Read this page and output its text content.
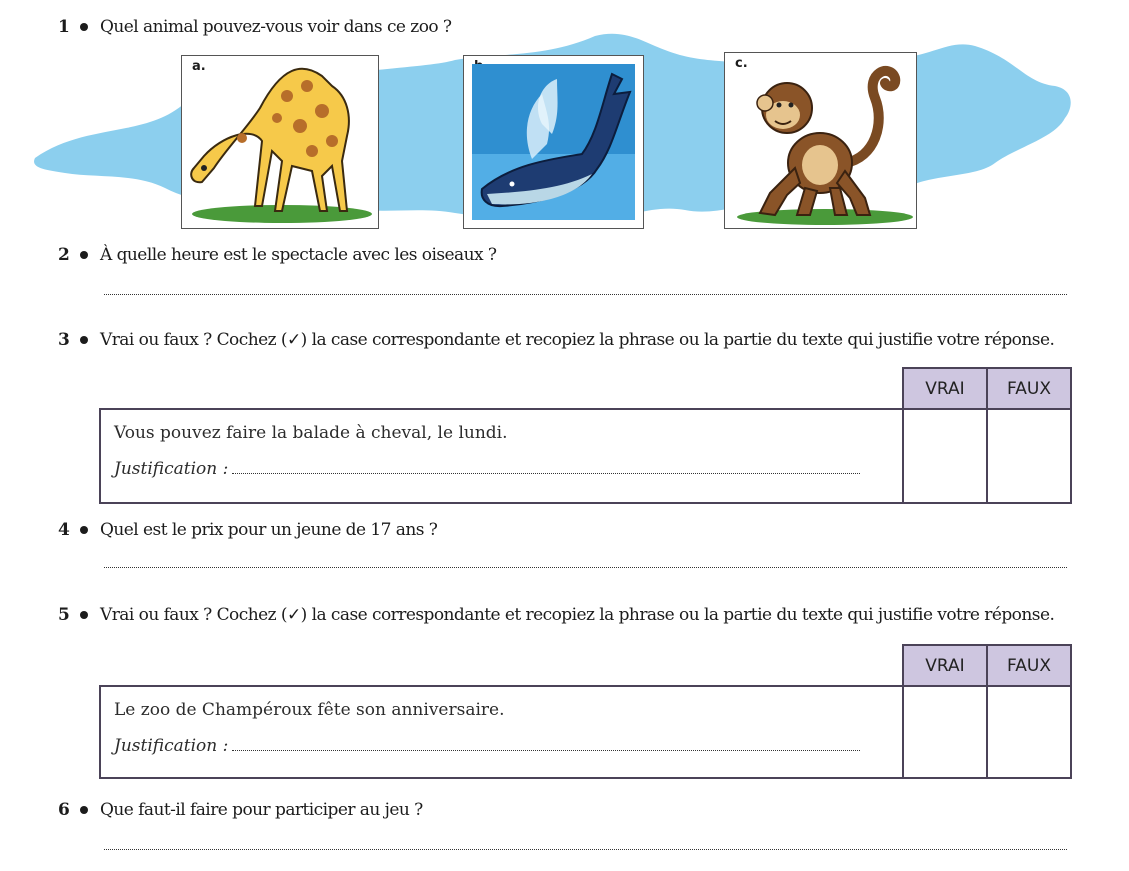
1 Quel animal pouvez-vous voir dans ce zoo ?
a.	c.
2 À quelle heure est le spectacle avec les oiseaux ?
3 Vrai ou faux ? Cochez (✓) la case correspondante et recopiez la phrase ou la partie du texte qui justifie votre réponse.
	VRAI	FAUX

Vous pouvez faire la balade à cheval, le lundi.
Justification :		

4 Quel est le prix pour un jeune de 17 ans ?
5 Vrai ou faux ? Cochez (✓) la case correspondante et recopiez la phrase ou la partie du texte qui justifie votre réponse.
	VRAI	FAUX

Le zoo de Champéroux fête son anniversaire.
Justification :		

6 Que faut-il faire pour participer au jeu ?
